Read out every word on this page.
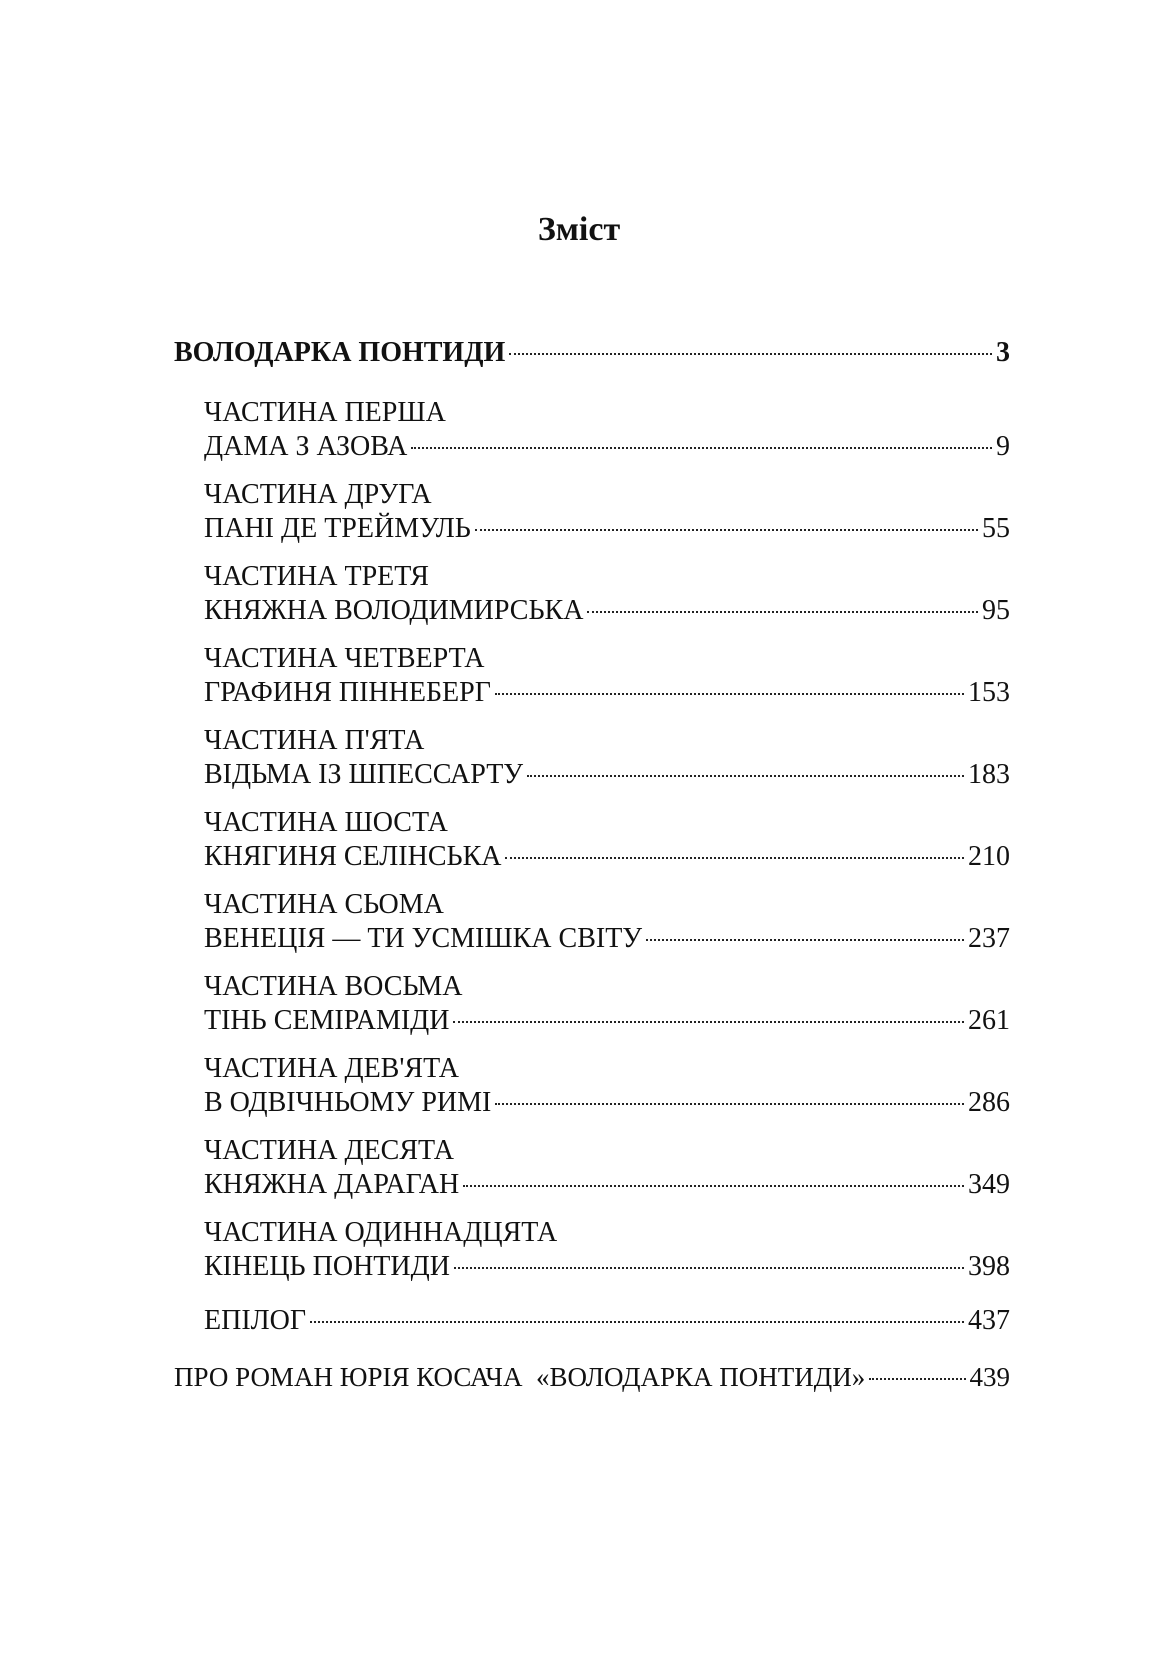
Зміст
ВОЛОДАРКА ПОНТИДИ	3
ЧАСТИНА ПЕРША
ДАМА З АЗОВА	9
ЧАСТИНА ДРУГА
ПАНІ ДЕ ТРЕЙМУЛЬ	55
ЧАСТИНА ТРЕТЯ
КНЯЖНА ВОЛОДИМИРСЬКА	95
ЧАСТИНА ЧЕТВЕРТА
ГРАФИНЯ ПІННЕБЕРГ	153
ЧАСТИНА П'ЯТА
ВІДЬМА ІЗ ШПЕССАРТУ	183
ЧАСТИНА ШОСТА
КНЯГИНЯ СЕЛІНСЬКА	210
ЧАСТИНА СЬОМА
ВЕНЕЦІЯ — ТИ УСМІШКА СВІТУ	237
ЧАСТИНА ВОСЬМА
ТІНЬ СЕМІРАМІДИ	261
ЧАСТИНА ДЕВ'ЯТА
В ОДВІЧНЬОМУ РИМІ	286
ЧАСТИНА ДЕСЯТА
КНЯЖНА ДАРАГАН	349
ЧАСТИНА ОДИННАДЦЯТА
КІНЕЦЬ ПОНТИДИ	398
ЕПІЛОГ	437
ПРО РОМАН ЮРІЯ КОСАЧА  «ВОЛОДАРКА ПОНТИДИ»	439
